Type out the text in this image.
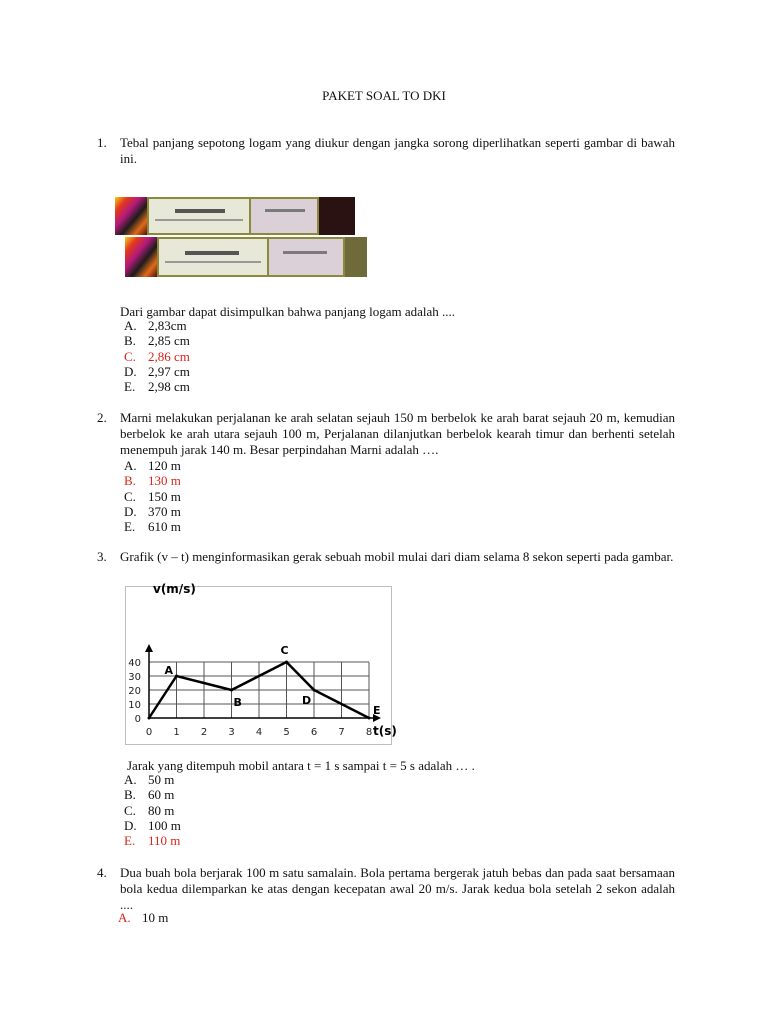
PAKET SOAL TO DKI
1.	Tebal panjang sepotong logam yang diukur dengan jangka sorong diperlihatkan seperti gambar di bawah ini.
Dari gambar dapat disimpulkan bahwa panjang logam adalah ....
A. 2,83cm
B. 2,85 cm
C. 2,86 cm
D. 2,97 cm
E. 2,98 cm
2.	Marni melakukan perjalanan ke arah selatan sejauh 150 m berbelok ke arah barat sejauh 20 m, kemudian berbelok ke arah utara sejauh 100 m, Perjalanan dilanjutkan berbelok kearah timur dan berhenti setelah menempuh jarak 140 m. Besar perpindahan Marni adalah ….
A. 120 m
B. 130 m
C. 150 m
D. 370 m
E. 610 m
3.	Grafik (v – t) menginformasikan gerak sebuah mobil mulai dari diam selama 8 sekon seperti pada gambar.
0 1 2 3 4 5 6 7 8
0
10
20
30
40
v(m/s)
t(s)
A
B
C
D
E
Jarak yang ditempuh mobil antara t = 1 s sampai t = 5 s adalah … .
A. 50 m
B. 60 m
C. 80 m
D. 100 m
E. 110 m
4.	Dua buah bola berjarak 100 m satu samalain. Bola pertama bergerak jatuh bebas dan pada saat bersamaan bola kedua dilemparkan ke atas dengan kecepatan awal 20 m/s. Jarak kedua bola setelah 2 sekon adalah ....
A. 10 m
